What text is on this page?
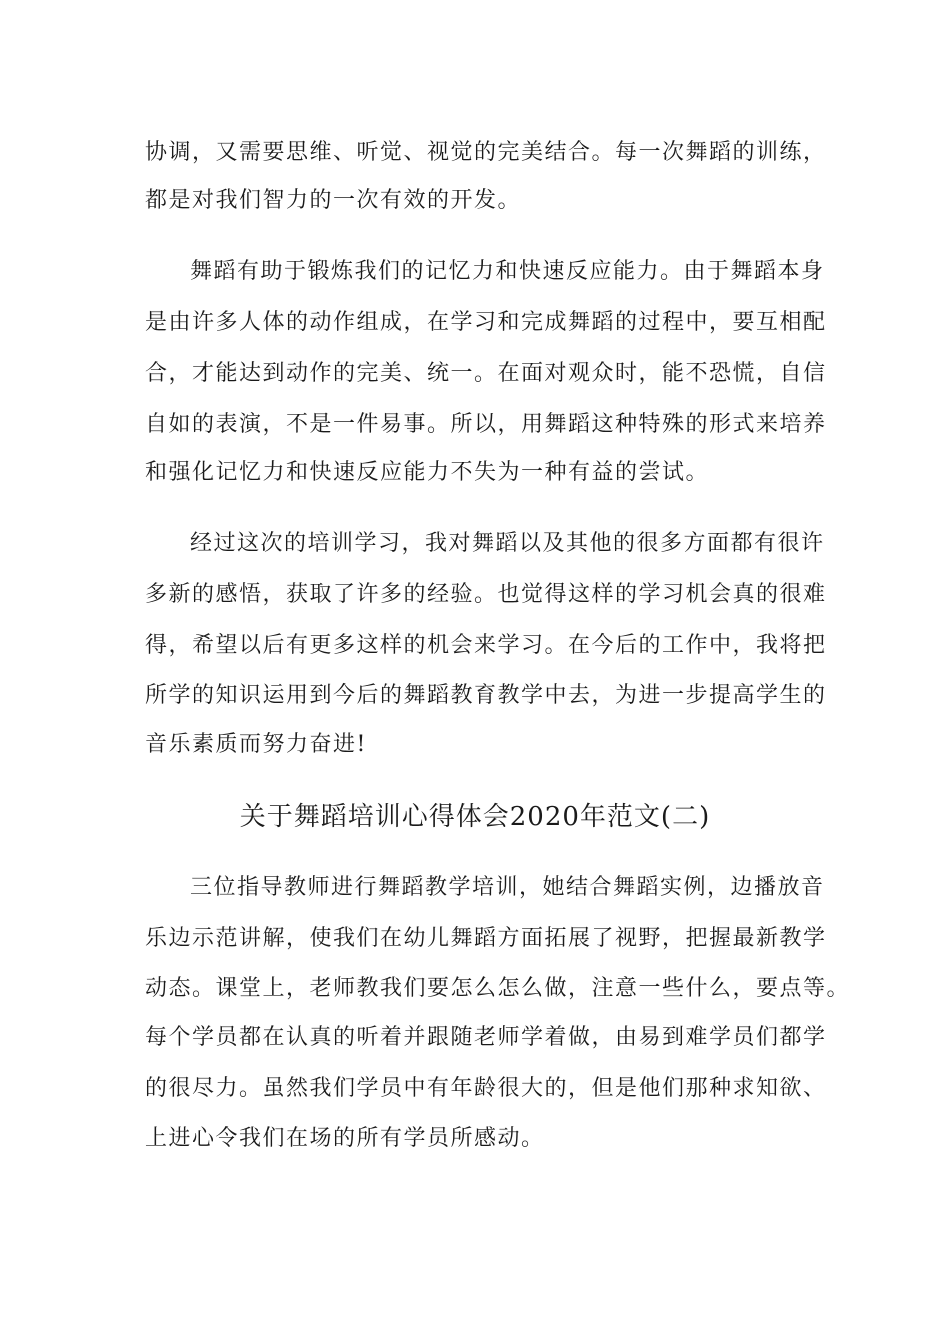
协调，又需要思维、听觉、视觉的完美结合。每一次舞蹈的训练，
都是对我们智力的一次有效的开发。
舞蹈有助于锻炼我们的记忆力和快速反应能力。由于舞蹈本身
是由许多人体的动作组成，在学习和完成舞蹈的过程中，要互相配
合，才能达到动作的完美、统一。在面对观众时，能不恐慌，自信
自如的表演，不是一件易事。所以，用舞蹈这种特殊的形式来培养
和强化记忆力和快速反应能力不失为一种有益的尝试。
经过这次的培训学习，我对舞蹈以及其他的很多方面都有很许
多新的感悟，获取了许多的经验。也觉得这样的学习机会真的很难
得，希望以后有更多这样的机会来学习。在今后的工作中，我将把
所学的知识运用到今后的舞蹈教育教学中去，为进一步提高学生的
音乐素质而努力奋进!
关于舞蹈培训心得体会2020年范文(二)
三位指导教师进行舞蹈教学培训，她结合舞蹈实例，边播放音
乐边示范讲解，使我们在幼儿舞蹈方面拓展了视野，把握最新教学
动态。课堂上，老师教我们要怎么怎么做，注意一些什么，要点等。
每个学员都在认真的听着并跟随老师学着做，由易到难学员们都学
的很尽力。虽然我们学员中有年龄很大的，但是他们那种求知欲、
上进心令我们在场的所有学员所感动。
